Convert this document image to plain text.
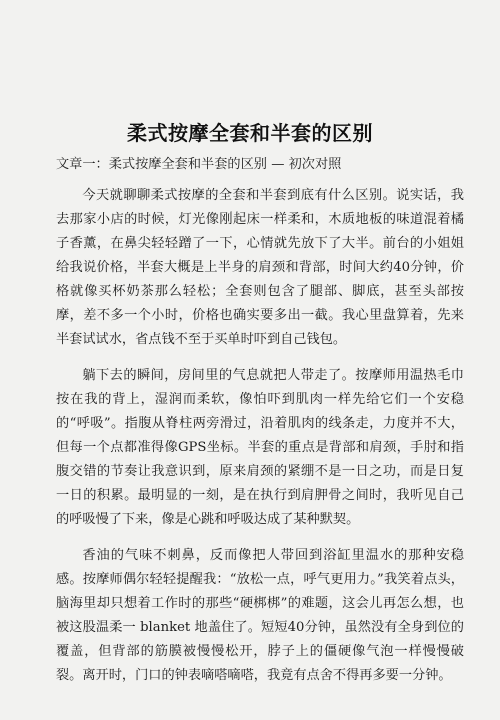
柔式按摩全套和半套的区别
文章一：柔式按摩全套和半套的区别 — 初次对照

今天就聊聊柔式按摩的全套和半套到底有什么区别。说实话，我去那家小店的时候，灯光像刚起床一样柔和，木质地板的味道混着橘子香薰，在鼻尖轻轻蹭了一下，心情就先放下了大半。前台的小姐姐给我说价格，半套大概是上半身的肩颈和背部，时间大约40分钟，价格就像买杯奶茶那么轻松；全套则包含了腿部、脚底，甚至头部按摩，差不多一个小时，价格也确实要多出一截。我心里盘算着，先来半套试试水，省点钱不至于买单时吓到自己钱包。

躺下去的瞬间，房间里的气息就把人带走了。按摩师用温热毛巾按在我的背上，湿润而柔软，像怕吓到肌肉一样先给它们一个安稳的“呼吸”。指腹从脊柱两旁滑过，沿着肌肉的线条走，力度并不大，但每一个点都准得像GPS坐标。半套的重点是背部和肩颈，手肘和指腹交错的节奏让我意识到，原来肩颈的紧绷不是一日之功，而是日复一日的积累。最明显的一刻，是在执行到肩胛骨之间时，我听见自己的呼吸慢了下来，像是心跳和呼吸达成了某种默契。

香油的气味不刺鼻，反而像把人带回到浴缸里温水的那种安稳感。按摩师偶尔轻轻提醒我：“放松一点，呼气更用力。”我笑着点头，脑海里却只想着工作时的那些“硬梆梆”的难题，这会儿再怎么想，也被这股温柔一 blanket 地盖住了。短短40分钟，虽然没有全身到位的覆盖，但背部的筋膜被慢慢松开，脖子上的僵硬像气泡一样慢慢破裂。离开时，门口的钟表嘀嗒嘀嗒，我竟有点舍不得再多要一分钟。
